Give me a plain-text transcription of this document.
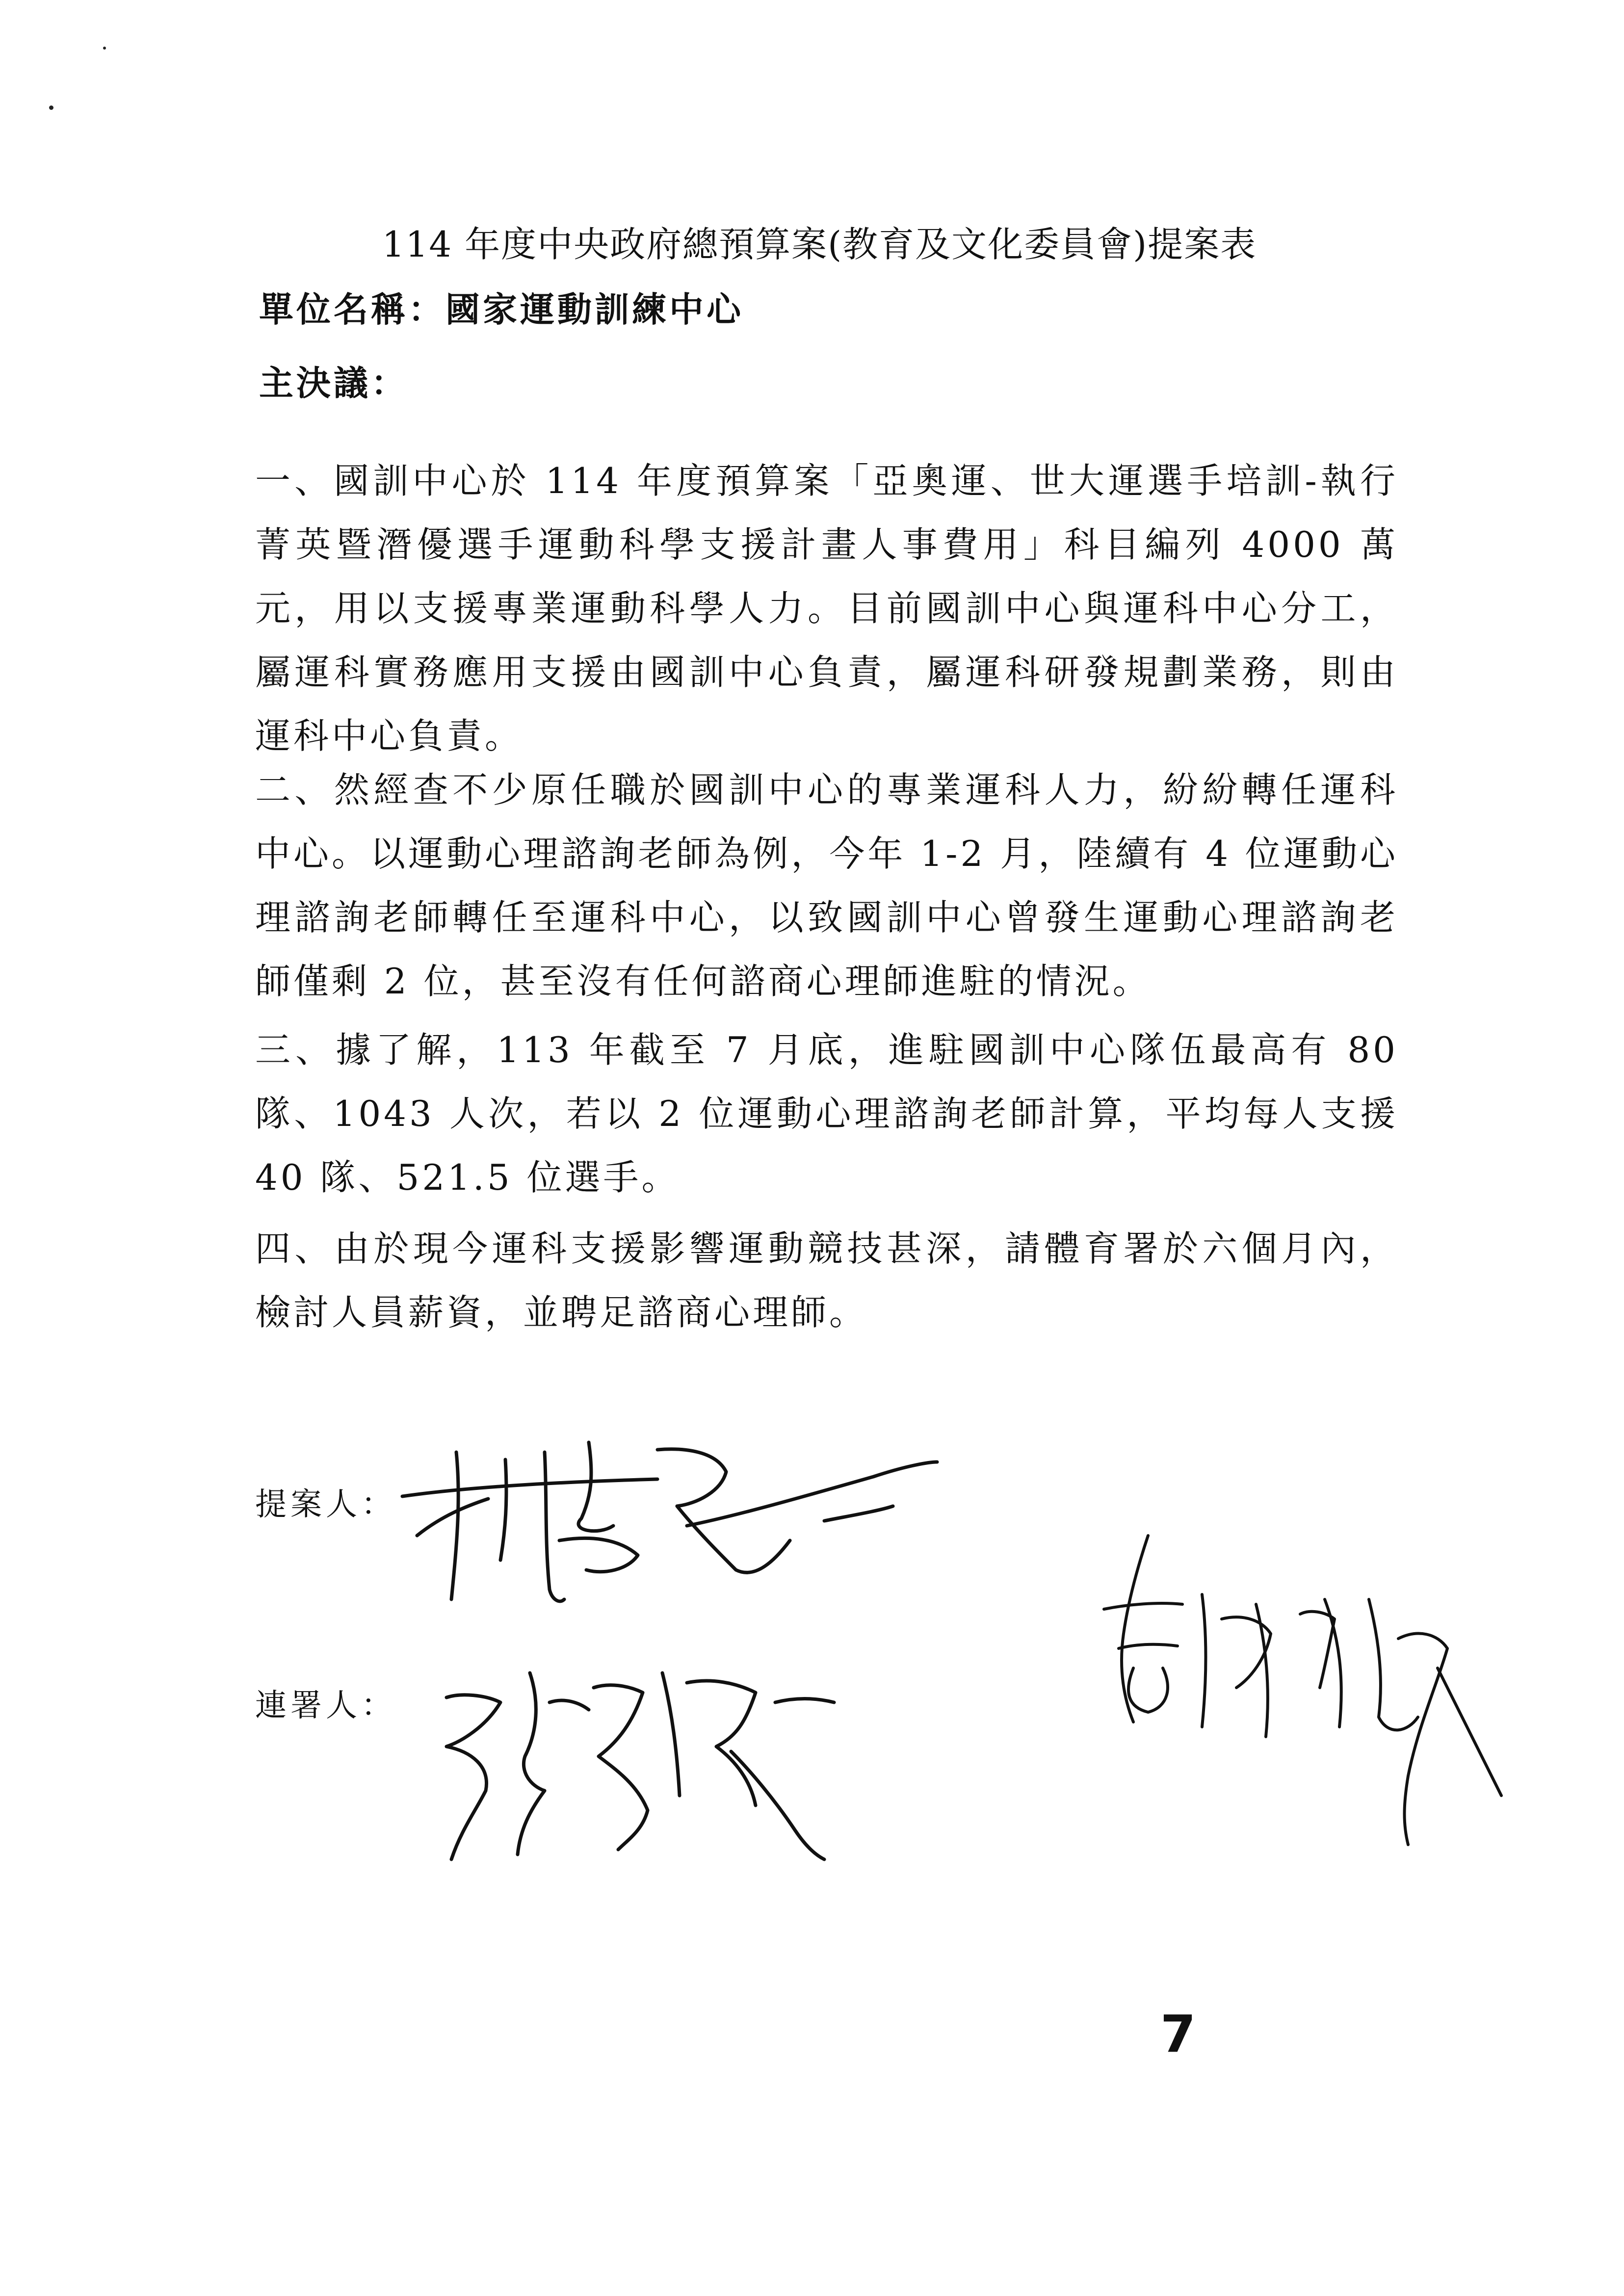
114 年度中央政府總預算案(教育及文化委員會)提案表
單位名稱：國家運動訓練中心
主決議：
一、國訓中心於 114 年度預算案「亞奧運、世大運選手培訓-執行菁英暨潛優選手運動科學支援計畫人事費用」科目編列 4000 萬元，用以支援專業運動科學人力。目前國訓中心與運科中心分工，屬運科實務應用支援由國訓中心負責，屬運科研發規劃業務，則由運科中心負責。
二、然經查不少原任職於國訓中心的專業運科人力，紛紛轉任運科中心。以運動心理諮詢老師為例，今年 1-2 月，陸續有 4 位運動心理諮詢老師轉任至運科中心，以致國訓中心曾發生運動心理諮詢老師僅剩 2 位，甚至沒有任何諮商心理師進駐的情況。
三、據了解，113 年截至 7 月底，進駐國訓中心隊伍最高有 80 隊、1043 人次，若以 2 位運動心理諮詢老師計算，平均每人支援 40 隊、521.5 位選手。
四、由於現今運科支援影響運動競技甚深，請體育署於六個月內，檢討人員薪資，並聘足諮商心理師。
提案人：
連署人：
7
